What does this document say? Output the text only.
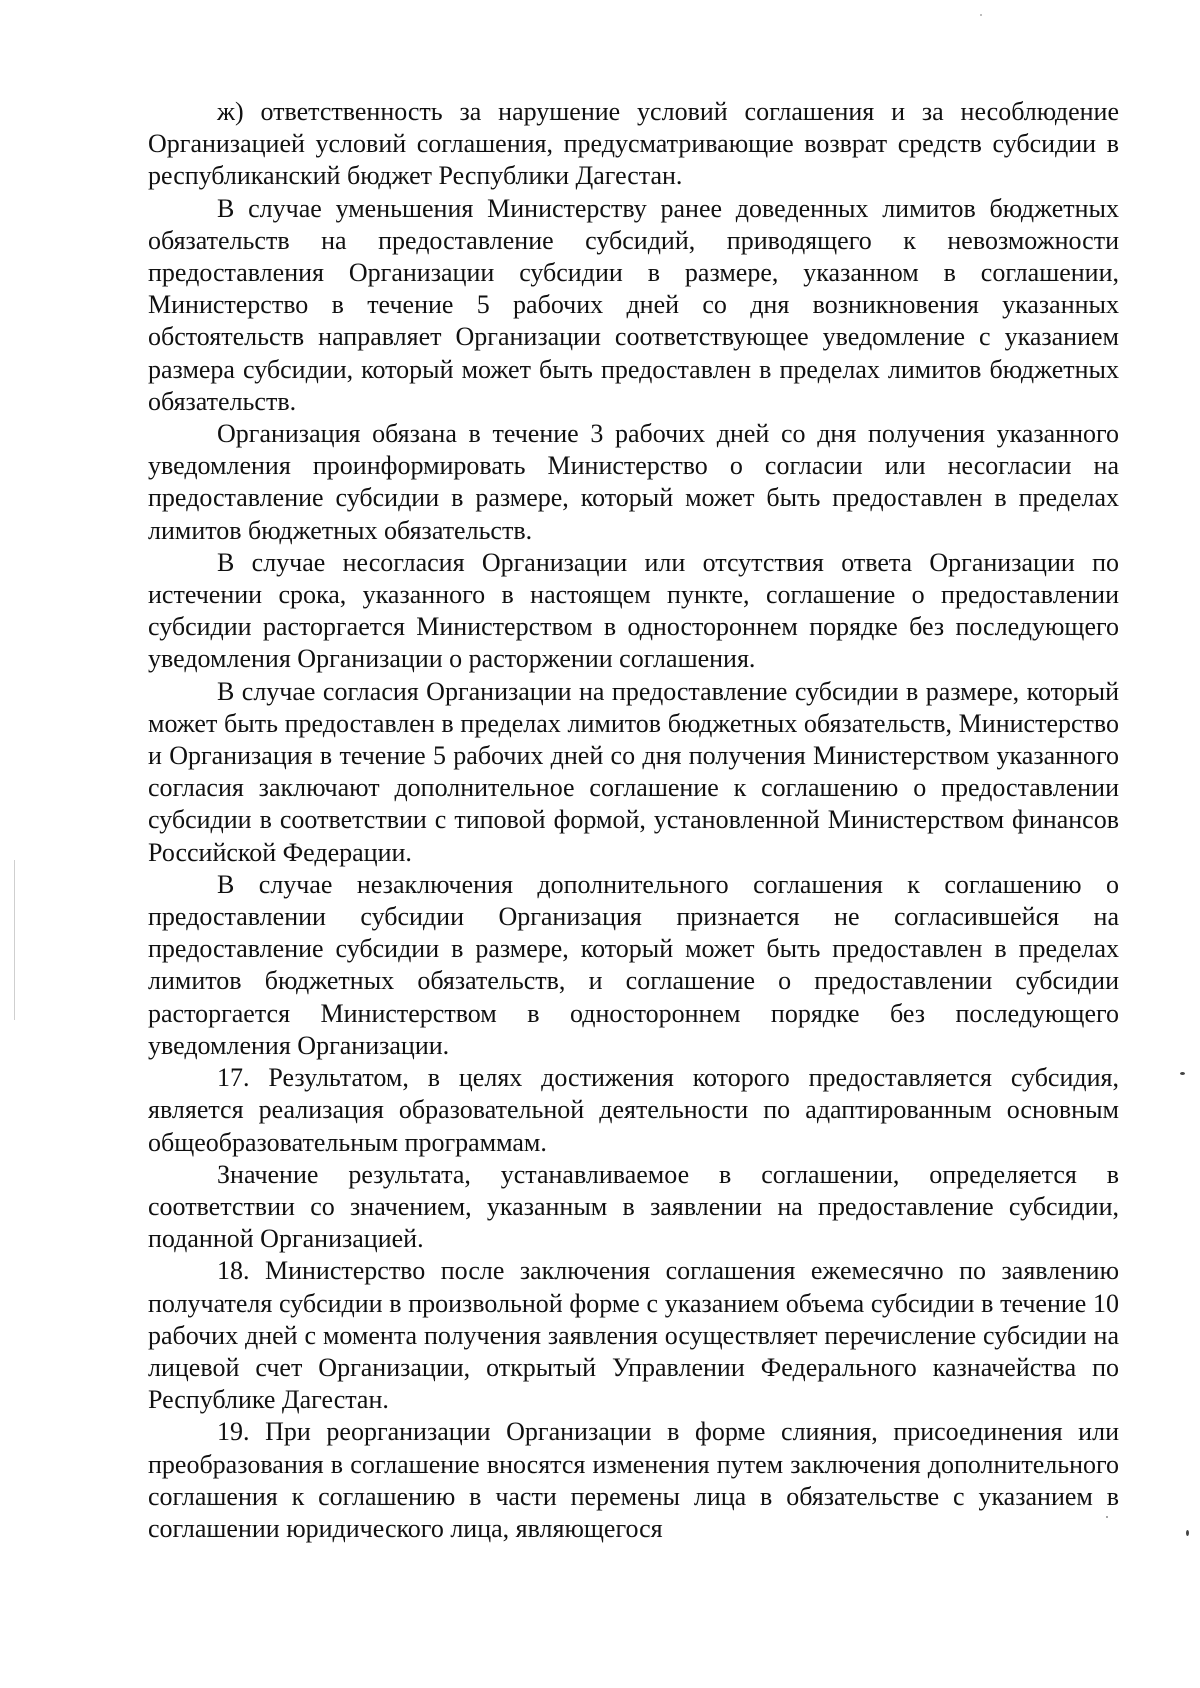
ж) ответственность за нарушение условий соглашения и за несоблюдение Организацией условий соглашения, предусматривающие возврат средств субсидии в республиканский бюджет Республики Дагестан.

В случае уменьшения Министерству ранее доведенных лимитов бюджетных обязательств на предоставление субсидий, приводящего к невозможности предоставления Организации субсидии в размере, указанном в соглашении, Министерство в течение 5 рабочих дней со дня возникновения указанных обстоятельств направляет Организации соответствующее уведомление с указанием размера субсидии, который может быть предоставлен в пределах лимитов бюджетных обязательств.

Организация обязана в течение 3 рабочих дней со дня получения указанного уведомления проинформировать Министерство о согласии или несогласии на предоставление субсидии в размере, который может быть предоставлен в пределах лимитов бюджетных обязательств.

В случае несогласия Организации или отсутствия ответа Организации по истечении срока, указанного в настоящем пункте, соглашение о предоставлении субсидии расторгается Министерством в одностороннем порядке без последующего уведомления Организации о расторжении соглашения.

В случае согласия Организации на предоставление субсидии в размере, который может быть предоставлен в пределах лимитов бюджетных обязательств, Министерство и Организация в течение 5 рабочих дней со дня получения Министерством указанного согласия заключают дополнительное соглашение к соглашению о предоставлении субсидии в соответствии с типовой формой, установленной Министерством финансов Российской Федерации.

В случае незаключения дополнительного соглашения к соглашению о предоставлении субсидии Организация признается не согласившейся на предоставление субсидии в размере, который может быть предоставлен в пределах лимитов бюджетных обязательств, и соглашение о предоставлении субсидии расторгается Министерством в одностороннем порядке без последующего уведомления Организации.

17. Результатом, в целях достижения которого предоставляется субсидия, является реализация образовательной деятельности по адаптированным основным общеобразовательным программам.

Значение результата, устанавливаемое в соглашении, определяется в соответствии со значением, указанным в заявлении на предоставление субсидии, поданной Организацией.

18. Министерство после заключения соглашения ежемесячно по заявлению получателя субсидии в произвольной форме с указанием объема субсидии в течение 10 рабочих дней с момента получения заявления осуществляет перечисление субсидии на лицевой счет Организации, открытый Управлении Федерального казначейства по Республике Дагестан.

19. При реорганизации Организации в форме слияния, присоединения или преобразования в соглашение вносятся изменения путем заключения дополнительного соглашения к соглашению в части перемены лица в обязательстве с указанием в соглашении юридического лица, являющегося
